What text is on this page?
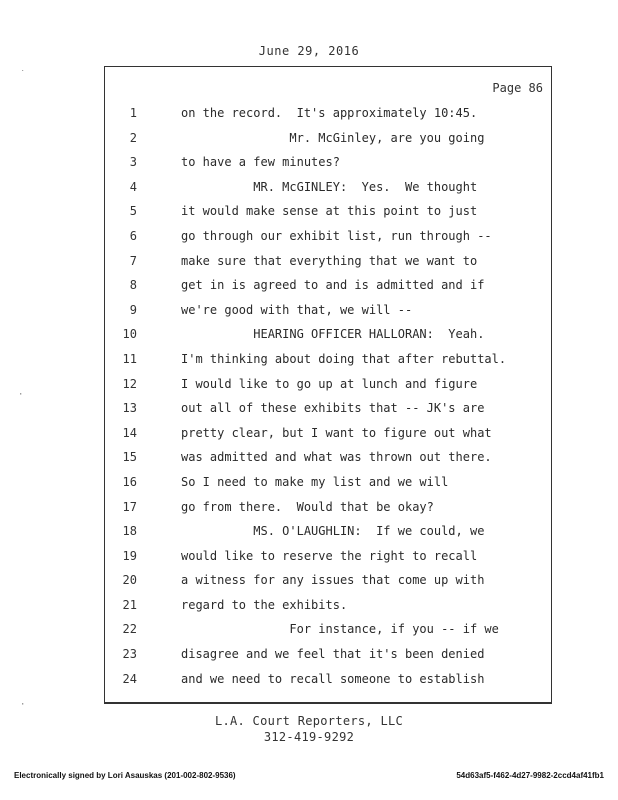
June 29, 2016
Page 86
1	on the record.  It's approximately 10:45.
2	Mr. McGinley, are you going
3	to have a few minutes?
4	MR. McGINLEY:  Yes.  We thought
5	it would make sense at this point to just
6	go through our exhibit list, run through --
7	make sure that everything that we want to
8	get in is agreed to and is admitted and if
9	we're good with that, we will --
10	HEARING OFFICER HALLORAN:  Yeah.
11	I'm thinking about doing that after rebuttal.
12	I would like to go up at lunch and figure
13	out all of these exhibits that -- JK's are
14	pretty clear, but I want to figure out what
15	was admitted and what was thrown out there.
16	So I need to make my list and we will
17	go from there.  Would that be okay?
18	MS. O'LAUGHLIN:  If we could, we
19	would like to reserve the right to recall
20	a witness for any issues that come up with
21	regard to the exhibits.
22	For instance, if you -- if we
23	disagree and we feel that it's been denied
24	and we need to recall someone to establish
L.A. Court Reporters, LLC
312-419-9292
Electronically signed by Lori Asauskas (201-002-802-9536)	54d63af5-f462-4d27-9982-2ccd4af41fb1
˙
·
·
